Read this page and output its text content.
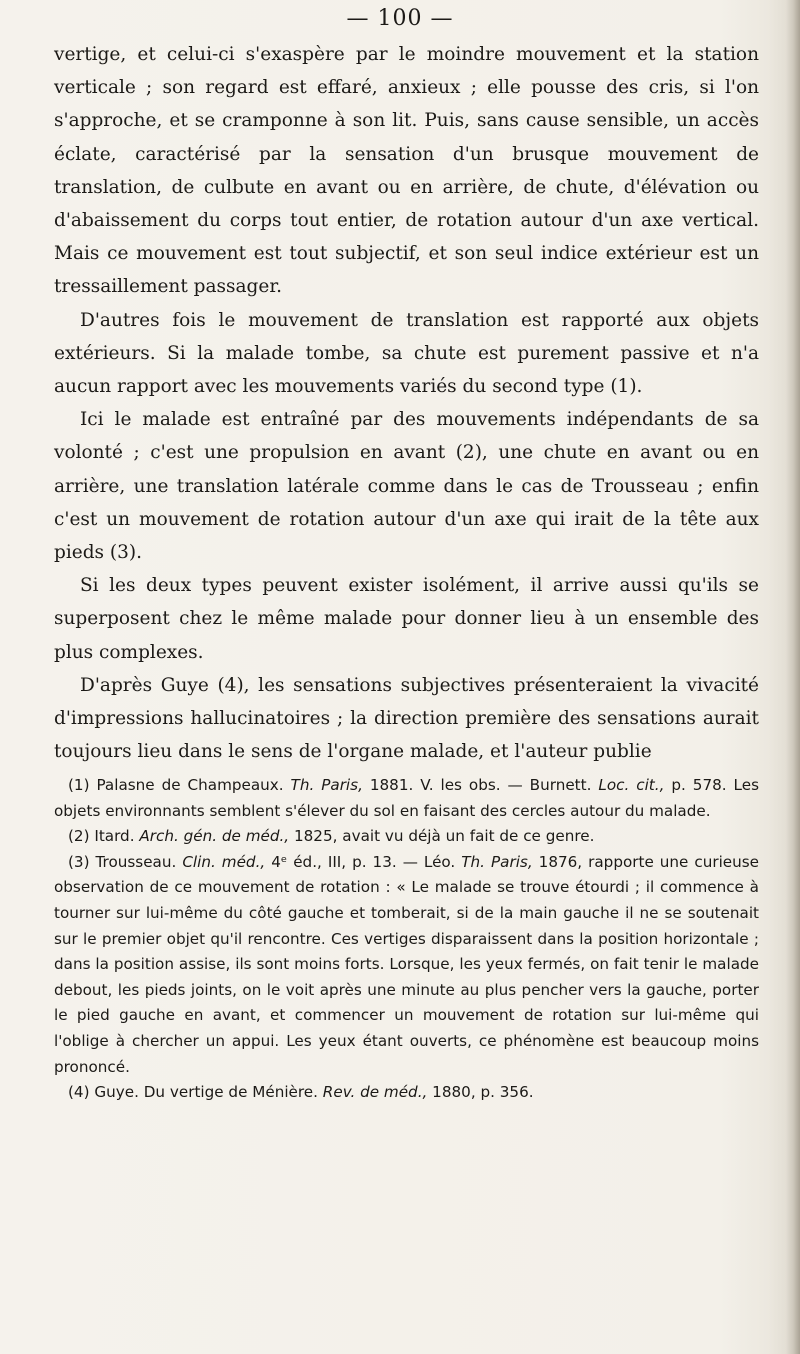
— 100 —

vertige, et celui-ci s'exaspère par le moindre mouvement et la station verticale ; son regard est effaré, anxieux ; elle pousse des cris, si l'on s'approche, et se cramponne à son lit. Puis, sans cause sensible, un accès éclate, caractérisé par la sensation d'un brusque mouvement de translation, de culbute en avant ou en arrière, de chute, d'élévation ou d'abaissement du corps tout entier, de rotation autour d'un axe vertical. Mais ce mouvement est tout subjectif, et son seul indice extérieur est un tressaillement passager.

D'autres fois le mouvement de translation est rapporté aux objets extérieurs. Si la malade tombe, sa chute est purement passive et n'a aucun rapport avec les mouvements variés du second type (1).

Ici le malade est entraîné par des mouvements indépendants de sa volonté ; c'est une propulsion en avant (2), une chute en avant ou en arrière, une translation latérale comme dans le cas de Trousseau ; enfin c'est un mouvement de rotation autour d'un axe qui irait de la tête aux pieds (3).

Si les deux types peuvent exister isolément, il arrive aussi qu'ils se superposent chez le même malade pour donner lieu à un ensemble des plus complexes.

D'après Guye (4), les sensations subjectives présenteraient la vivacité d'impressions hallucinatoires ; la direction première des sensations aurait toujours lieu dans le sens de l'organe malade, et l'auteur publie

(1) Palasne de Champeaux. Th. Paris, 1881. V. les obs. — Burnett. Loc. cit., p. 578. Les objets environnants semblent s'élever du sol en faisant des cercles autour du malade.

(2) Itard. Arch. gén. de méd., 1825, avait vu déjà un fait de ce genre.

(3) Trousseau. Clin. méd., 4ᵉ éd., III, p. 13. — Léo. Th. Paris, 1876, rapporte une curieuse observation de ce mouvement de rotation : « Le malade se trouve étourdi ; il commence à tourner sur lui-même du côté gauche et tomberait, si de la main gauche il ne se soutenait sur le premier objet qu'il rencontre. Ces vertiges disparaissent dans la position horizontale ; dans la position assise, ils sont moins forts. Lorsque, les yeux fermés, on fait tenir le malade debout, les pieds joints, on le voit après une minute au plus pencher vers la gauche, porter le pied gauche en avant, et commencer un mouvement de rotation sur lui-même qui l'oblige à chercher un appui. Les yeux étant ouverts, ce phénomène est beaucoup moins prononcé.

(4) Guye. Du vertige de Ménière. Rev. de méd., 1880, p. 356.
